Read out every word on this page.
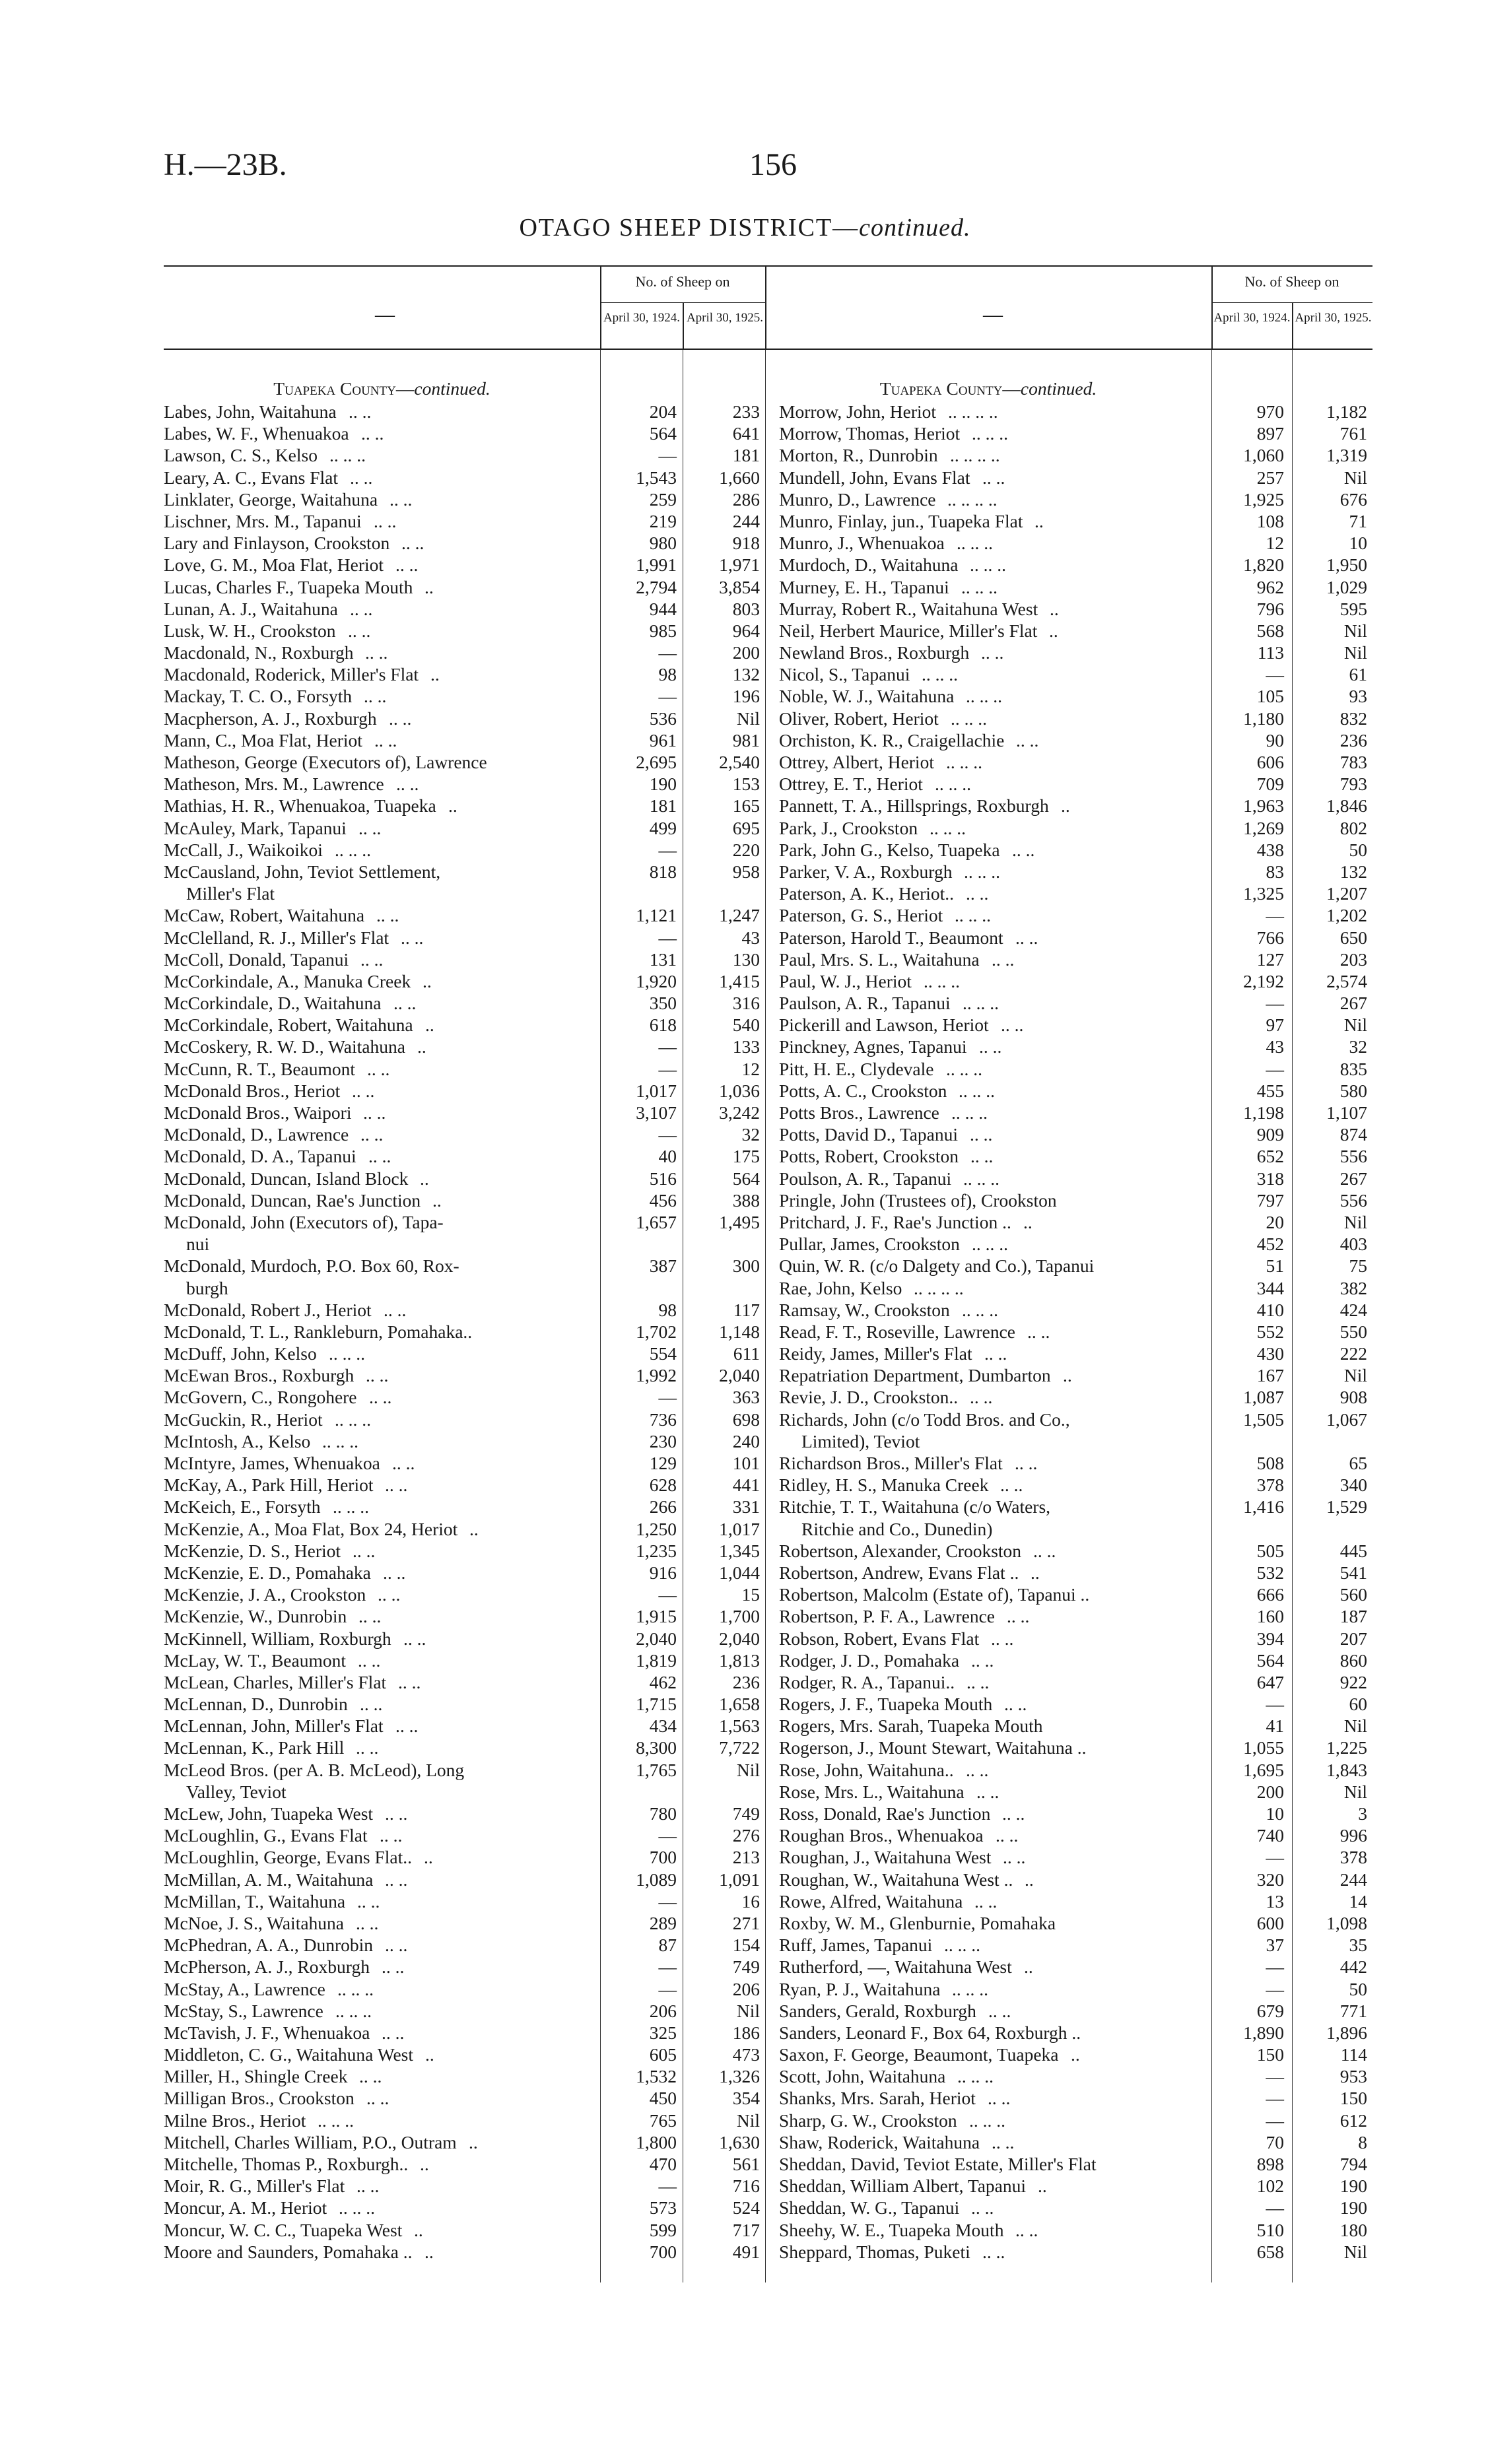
H.—23B.	156
OTAGO SHEEP DISTRICT—continued.
—
No. of Sheep on
April 30, 1924. April 30, 1925.	—
No. of Sheep on
April 30, 1924. April 30, 1925.
Tuapeka County—continued.	Tuapeka County—continued.
Labes, John, Waitahuna .. ..	204	233
Labes, W. F., Whenuakoa .. ..	564	641
Lawson, C. S., Kelso .. .. ..	—	181
Leary, A. C., Evans Flat .. ..	1,543 1,660
Linklater, George, Waitahuna .. ..	259	286
Lischner, Mrs. M., Tapanui .. ..	219	244
Lary and Finlayson, Crookston .. ..	980	918
Love, G. M., Moa Flat, Heriot .. ..	1,991 1,971
Lucas, Charles F., Tuapeka Mouth ..	2,794 3,854
Lunan, A. J., Waitahuna .. ..	944	803
Lusk, W. H., Crookston .. ..	985	964
Macdonald, N., Roxburgh .. ..	—	200
Macdonald, Roderick, Miller's Flat ..	98	132
Mackay, T. C. O., Forsyth .. ..	—	196
Macpherson, A. J., Roxburgh .. ..	536	Nil
Mann, C., Moa Flat, Heriot .. ..	961	981
Matheson, George (Executors of), Lawrence	2,695 2,540
Matheson, Mrs. M., Lawrence .. ..	190	153
Mathias, H. R., Whenuakoa, Tuapeka ..	181	165
McAuley, Mark, Tapanui .. ..	499	695
McCall, J., Waikoikoi .. .. ..	—	220
McCausland, John, Teviot Settlement,	818	958
Miller's Flat
McCaw, Robert, Waitahuna .. ..	1,121 1,247
McClelland, R. J., Miller's Flat .. ..	—	43
McColl, Donald, Tapanui .. ..	131	130
McCorkindale, A., Manuka Creek ..	1,920 1,415
McCorkindale, D., Waitahuna .. ..	350	316
McCorkindale, Robert, Waitahuna ..	618	540
McCoskery, R. W. D., Waitahuna ..	—	133
McCunn, R. T., Beaumont .. ..	—	12
McDonald Bros., Heriot .. ..	1,017 1,036
McDonald Bros., Waipori .. ..	3,107 3,242
McDonald, D., Lawrence .. ..	—	32
McDonald, D. A., Tapanui .. ..	40	175
McDonald, Duncan, Island Block ..	516	564
McDonald, Duncan, Rae's Junction ..	456	388
McDonald, John (Executors of), Tapa-	1,657 1,495
nui
McDonald, Murdoch, P.O. Box 60, Rox-	387	300
burgh
McDonald, Robert J., Heriot .. ..	98	117
McDonald, T. L., Rankleburn, Pomahaka..	1,702 1,148
McDuff, John, Kelso .. .. ..	554	611
McEwan Bros., Roxburgh .. ..	1,992 2,040
McGovern, C., Rongohere .. ..	—	363
McGuckin, R., Heriot .. .. ..	736	698
McIntosh, A., Kelso .. .. ..	230	240
McIntyre, James, Whenuakoa .. ..	129	101
McKay, A., Park Hill, Heriot .. ..	628	441
McKeich, E., Forsyth .. .. ..	266	331
McKenzie, A., Moa Flat, Box 24, Heriot ..	1,250 1,017
McKenzie, D. S., Heriot .. ..	1,235 1,345
McKenzie, E. D., Pomahaka .. ..	916 1,044
McKenzie, J. A., Crookston .. ..	—	15
McKenzie, W., Dunrobin .. ..	1,915 1,700
McKinnell, William, Roxburgh .. ..	2,040 2,040
McLay, W. T., Beaumont .. ..	1,819 1,813
McLean, Charles, Miller's Flat .. ..	462	236
McLennan, D., Dunrobin .. ..	1,715 1,658
McLennan, John, Miller's Flat .. ..	434 1,563
McLennan, K., Park Hill .. ..	8,300 7,722
McLeod Bros. (per A. B. McLeod), Long	1,765	Nil
Valley, Teviot
McLew, John, Tuapeka West .. ..	780	749
McLoughlin, G., Evans Flat .. ..	—	276
McLoughlin, George, Evans Flat.. ..	700	213
McMillan, A. M., Waitahuna .. ..	1,089 1,091
McMillan, T., Waitahuna .. ..	—	16
McNoe, J. S., Waitahuna .. ..	289	271
McPhedran, A. A., Dunrobin .. ..	87	154
McPherson, A. J., Roxburgh .. ..	—	749
McStay, A., Lawrence .. .. ..	—	206
McStay, S., Lawrence .. .. ..	206	Nil
McTavish, J. F., Whenuakoa .. ..	325	186
Middleton, C. G., Waitahuna West ..	605	473
Miller, H., Shingle Creek .. ..	1,532 1,326
Milligan Bros., Crookston .. ..	450	354
Milne Bros., Heriot .. .. ..	765	Nil
Mitchell, Charles William, P.O., Outram ..	1,800 1,630
Mitchelle, Thomas P., Roxburgh.. ..	470	561
Moir, R. G., Miller's Flat .. ..	—	716
Moncur, A. M., Heriot .. .. ..	573	524
Moncur, W. C. C., Tuapeka West ..	599	717
Moore and Saunders, Pomahaka .. ..	700	491
Morrow, John, Heriot .. .. .. ..	970 1,182
Morrow, Thomas, Heriot .. .. ..	897	761
Morton, R., Dunrobin .. .. .. ..	1,060 1,319
Mundell, John, Evans Flat .. ..	257	Nil
Munro, D., Lawrence .. .. .. ..	1,925	676
Munro, Finlay, jun., Tuapeka Flat ..	108	71
Munro, J., Whenuakoa .. .. ..	12	10
Murdoch, D., Waitahuna .. .. ..	1,820 1,950
Murney, E. H., Tapanui .. .. ..	962 1,029
Murray, Robert R., Waitahuna West ..	796	595
Neil, Herbert Maurice, Miller's Flat ..	568	Nil
Newland Bros., Roxburgh .. ..	113	Nil
Nicol, S., Tapanui .. .. ..	—	61
Noble, W. J., Waitahuna .. .. ..	105	93
Oliver, Robert, Heriot .. .. ..	1,180	832
Orchiston, K. R., Craigellachie .. ..	90	236
Ottrey, Albert, Heriot .. .. ..	606	783
Ottrey, E. T., Heriot .. .. ..	709	793
Pannett, T. A., Hillsprings, Roxburgh ..	1,963 1,846
Park, J., Crookston .. .. ..	1,269	802
Park, John G., Kelso, Tuapeka .. ..	438	50
Parker, V. A., Roxburgh .. .. ..	83	132
Paterson, A. K., Heriot.. .. ..	1,325 1,207
Paterson, G. S., Heriot .. .. ..	— 1,202
Paterson, Harold T., Beaumont .. ..	766	650
Paul, Mrs. S. L., Waitahuna .. ..	127	203
Paul, W. J., Heriot .. .. ..	2,192 2,574
Paulson, A. R., Tapanui .. .. ..	—	267
Pickerill and Lawson, Heriot .. ..	97	Nil
Pinckney, Agnes, Tapanui .. ..	43	32
Pitt, H. E., Clydevale .. .. ..	—	835
Potts, A. C., Crookston .. .. ..	455	580
Potts Bros., Lawrence .. .. ..	1,198 1,107
Potts, David D., Tapanui .. ..	909	874
Potts, Robert, Crookston .. ..	652	556
Poulson, A. R., Tapanui .. .. ..	318	267
Pringle, John (Trustees of), Crookston	797	556
Pritchard, J. F., Rae's Junction .. ..	20	Nil
Pullar, James, Crookston .. .. ..	452	403
Quin, W. R. (c/o Dalgety and Co.), Tapanui	51	75
Rae, John, Kelso .. .. .. ..	344	382
Ramsay, W., Crookston .. .. ..	410	424
Read, F. T., Roseville, Lawrence .. ..	552	550
Reidy, James, Miller's Flat .. ..	430	222
Repatriation Department, Dumbarton ..	167	Nil
Revie, J. D., Crookston.. .. ..	1,087	908
Richards, John (c/o Todd Bros. and Co.,	1,505 1,067
Limited), Teviot
Richardson Bros., Miller's Flat .. ..	508	65
Ridley, H. S., Manuka Creek .. ..	378	340
Ritchie, T. T., Waitahuna (c/o Waters,	1,416 1,529
Ritchie and Co., Dunedin)
Robertson, Alexander, Crookston .. ..	505	445
Robertson, Andrew, Evans Flat .. ..	532	541
Robertson, Malcolm (Estate of), Tapanui ..	666	560
Robertson, P. F. A., Lawrence .. ..	160	187
Robson, Robert, Evans Flat .. ..	394	207
Rodger, J. D., Pomahaka .. ..	564	860
Rodger, R. A., Tapanui.. .. ..	647	922
Rogers, J. F., Tuapeka Mouth .. ..	—	60
Rogers, Mrs. Sarah, Tuapeka Mouth	41	Nil
Rogerson, J., Mount Stewart, Waitahuna ..	1,055 1,225
Rose, John, Waitahuna.. .. ..	1,695 1,843
Rose, Mrs. L., Waitahuna .. ..	200	Nil
Ross, Donald, Rae's Junction .. ..	10	3
Roughan Bros., Whenuakoa .. ..	740	996
Roughan, J., Waitahuna West .. ..	—	378
Roughan, W., Waitahuna West .. ..	320	244
Rowe, Alfred, Waitahuna .. ..	13	14
Roxby, W. M., Glenburnie, Pomahaka	600 1,098
Ruff, James, Tapanui .. .. ..	37	35
Rutherford, —, Waitahuna West ..	—	442
Ryan, P. J., Waitahuna .. .. ..	—	50
Sanders, Gerald, Roxburgh .. ..	679	771
Sanders, Leonard F., Box 64, Roxburgh ..	1,890 1,896
Saxon, F. George, Beaumont, Tuapeka ..	150	114
Scott, John, Waitahuna .. .. ..	—	953
Shanks, Mrs. Sarah, Heriot .. ..	—	150
Sharp, G. W., Crookston .. .. ..	—	612
Shaw, Roderick, Waitahuna .. ..	70	8
Sheddan, David, Teviot Estate, Miller's Flat	898	794
Sheddan, William Albert, Tapanui ..	102	190
Sheddan, W. G., Tapanui .. ..	—	190
Sheehy, W. E., Tuapeka Mouth .. ..	510	180
Sheppard, Thomas, Puketi .. ..	658	Nil
